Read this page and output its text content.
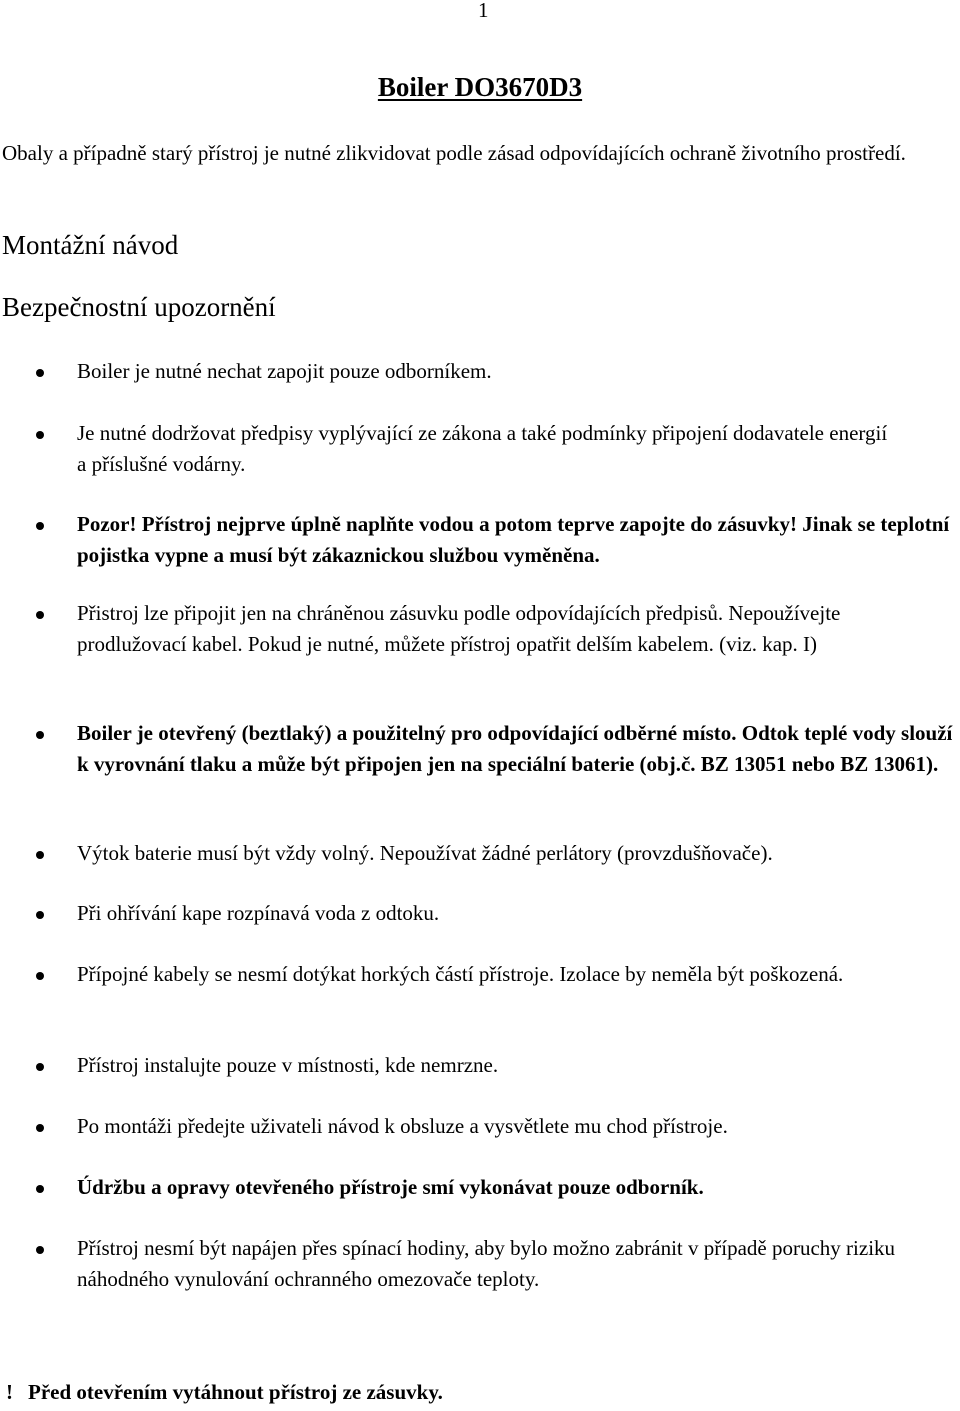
1
Boiler DO3670D3

Obaly a případně starý přístroj je nutné zlikvidovat podle zásad odpovídajících ochraně životního prostředí.

Montážní návod
Bezpečnostní upozornění
Boiler je nutné nechat zapojit pouze odborníkem.
Je nutné dodržovat předpisy vyplývající ze zákona a také podmínky připojení dodavatele energií a příslušné vodárny.
Pozor! Přístroj nejprve úplně naplňte vodou a potom teprve zapojte do zásuvky! Jinak se teplotní pojistka vypne a musí být zákaznickou službou vyměněna.
Přistroj lze připojit jen na chráněnou zásuvku podle odpovídajících předpisů. Nepoužívejte prodlužovací kabel. Pokud je nutné, můžete přístroj opatřit delším kabelem. (viz. kap. I)
Boiler je otevřený (beztlaký) a použitelný pro odpovídající odběrné místo. Odtok teplé vody slouží k vyrovnání tlaku a může být připojen jen na speciální baterie (obj.č. BZ 13051 nebo BZ 13061).
Výtok baterie musí být vždy volný. Nepoužívat žádné perlátory (provzdušňovače).
Při ohřívání kape rozpínavá voda z odtoku.
Přípojné kabely se nesmí dotýkat horkých částí přístroje. Izolace by neměla být poškozená.
Přístroj instalujte pouze v místnosti, kde nemrzne.
Po montáži předejte uživateli návod k obsluze a vysvětlete mu chod přístroje.
Údržbu a opravy otevřeného přístroje smí vykonávat pouze odborník.
Přístroj nesmí být napájen přes spínací hodiny, aby bylo možno zabránit v případě poruchy riziku náhodného vynulování ochranného omezovače teploty.
! Před otevřením vytáhnout přístroj ze zásuvky.
